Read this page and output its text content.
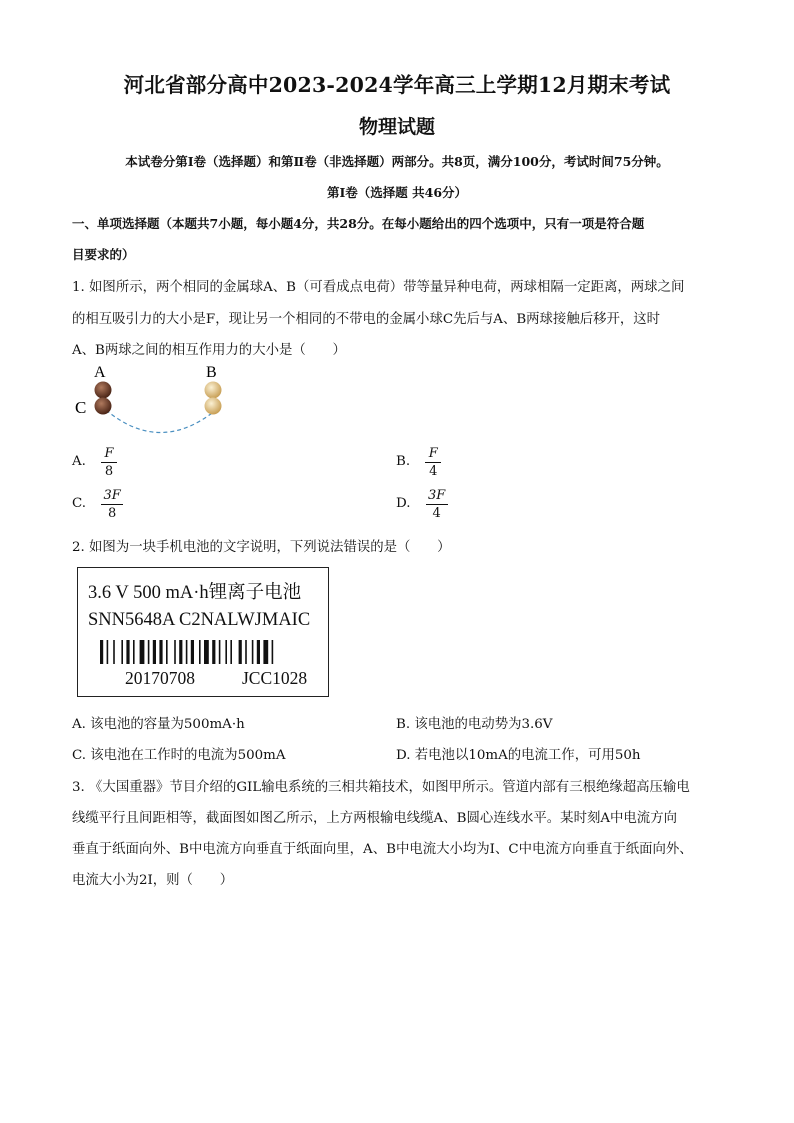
河北省部分高中2023-2024学年高三上学期12月期末考试
物理试题
本试卷分第Ⅰ卷（选择题）和第Ⅱ卷（非选择题）两部分。共8页，满分100分，考试时间75分钟。
第Ⅰ卷（选择题 共46分）
一、单项选择题（本题共7小题，每小题4分，共28分。在每小题给出的四个选项中，只有一项是符合题
目要求的）
1. 如图所示，两个相同的金属球A、B（可看成点电荷）带等量异种电荷，两球相隔一定距离，两球之间
的相互吸引力的大小是F，现让另一个相同的不带电的金属小球C先后与A、B两球接触后移开，这时
A、B两球之间的相互作用力的大小是（　　）
A	B
C
A. $\frac{F}{8}$	B. $\frac{F}{4}$
C. $\frac{3F}{8}$	D. $\frac{3F}{4}$
2. 如图为一块手机电池的文字说明，下列说法错误的是（　　）
3.6 V 500 mA·h锂离子电池
SNN5648A C2NALWJMAIC
20170708	JCC1028
A. 该电池的容量为500mA·h	B. 该电池的电动势为3.6V
C. 该电池在工作时的电流为500mA	D. 若电池以10mA的电流工作，可用50h
3. 《大国重器》节目介绍的GIL输电系统的三相共箱技术，如图甲所示。管道内部有三根绝缘超高压输电
线缆平行且间距相等，截面图如图乙所示，上方两根输电线缆A、B圆心连线水平。某时刻A中电流方向
垂直于纸面向外、B中电流方向垂直于纸面向里，A、B中电流大小均为I、C中电流方向垂直于纸面向外、
电流大小为2I，则（　　）
